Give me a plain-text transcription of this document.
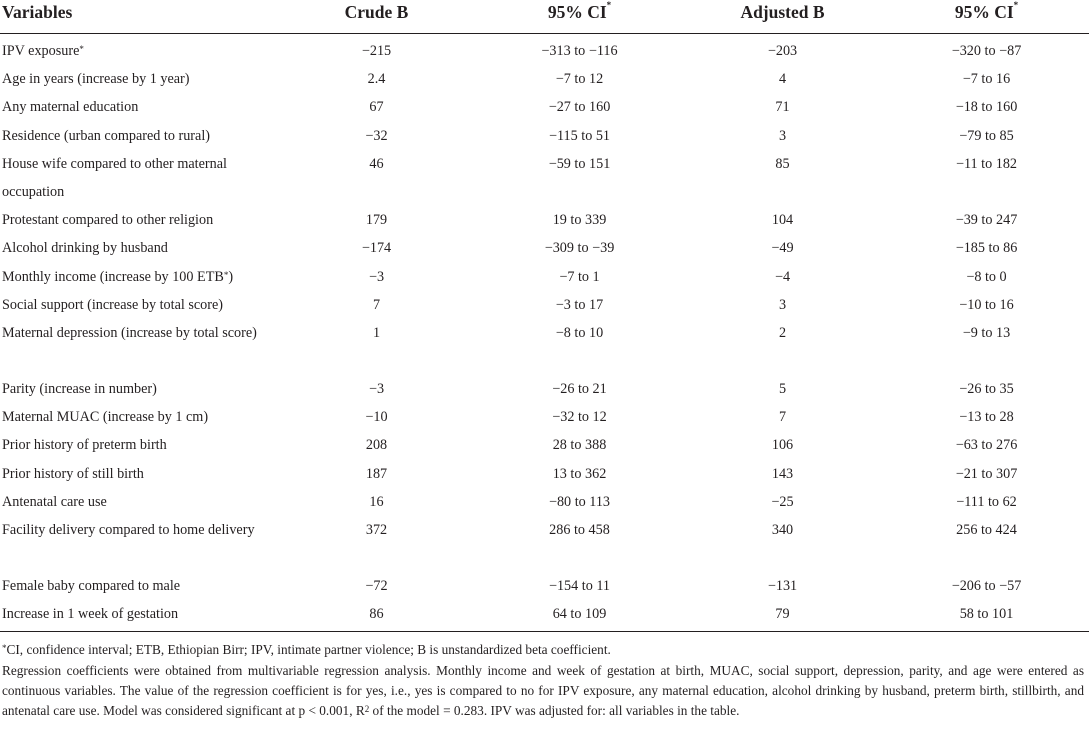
Variables	Crude B	95% CI*	Adjusted B	95% CI*
IPV exposure*	−215	−313 to −116	−203	−320 to −87
Age in years (increase by 1 year)	2.4	−7 to 12	4	−7 to 16
Any maternal education	67	−27 to 160	71	−18 to 160
Residence (urban compared to rural)	−32	−115 to 51	3	−79 to 85
House wife compared to other maternal occupation	46	−59 to 151	85	−11 to 182
Protestant compared to other religion	179	19 to 339	104	−39 to 247
Alcohol drinking by husband	−174	−309 to −39	−49	−185 to 86
Monthly income (increase by 100 ETB*)	−3	−7 to 1	−4	−8 to 0
Social support (increase by total score)	7	−3 to 17	3	−10 to 16
Maternal depression (increase by total score)	1	−8 to 10	2	−9 to 13
Parity (increase in number)	−3	−26 to 21	5	−26 to 35
Maternal MUAC (increase by 1 cm)	−10	−32 to 12	7	−13 to 28
Prior history of preterm birth	208	28 to 388	106	−63 to 276
Prior history of still birth	187	13 to 362	143	−21 to 307
Antenatal care use	16	−80 to 113	−25	−111 to 62
Facility delivery compared to home delivery	372	286 to 458	340	256 to 424
Female baby compared to male	−72	−154 to 11	−131	−206 to −57
Increase in 1 week of gestation	86	64 to 109	79	58 to 101

*CI, confidence interval; ETB, Ethiopian Birr; IPV, intimate partner violence; B is unstandardized beta coefficient.

Regression coefficients were obtained from multivariable regression analysis. Monthly income and week of gestation at birth, MUAC, social support, depression, parity, and age were entered as continuous variables. The value of the regression coefficient is for yes, i.e., yes is compared to no for IPV exposure, any maternal education, alcohol drinking by husband, preterm birth, stillbirth, and antenatal care use. Model was considered significant at p < 0.001, $R^2$ of the model = 0.283. IPV was adjusted for: all variables in the table.
